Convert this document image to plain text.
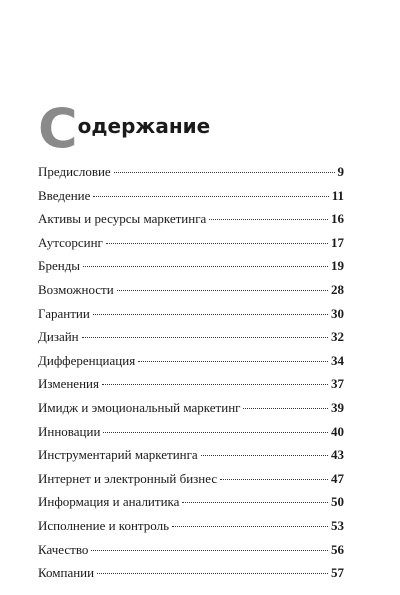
Содержание
Предисловие	9
Введение	11
Активы и ресурсы маркетинга	16
Аутсорсинг	17
Бренды	19
Возможности	28
Гарантии	30
Дизайн	32
Дифференциация	34
Изменения	37
Имидж и эмоциональный маркетинг	39
Инновации	40
Инструментарий маркетинга	43
Интернет и электронный бизнес	47
Информация и аналитика	50
Исполнение и контроль	53
Качество	56
Компании	57
